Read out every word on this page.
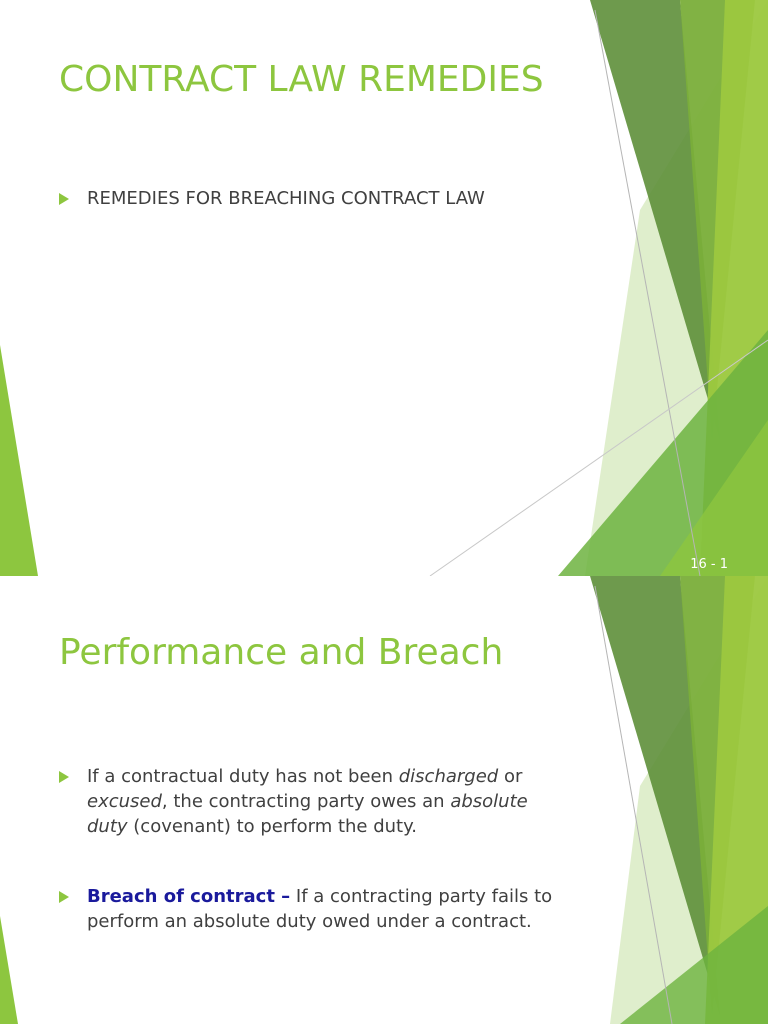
CONTRACT LAW REMEDIES
REMEDIES FOR BREACHING CONTRACT LAW
16 - 1
Performance and Breach
If a contractual duty has not been discharged or excused, the contracting party owes an absolute duty (covenant) to perform the duty.
Breach of contract – If a contracting party fails to perform an absolute duty owed under a contract.
